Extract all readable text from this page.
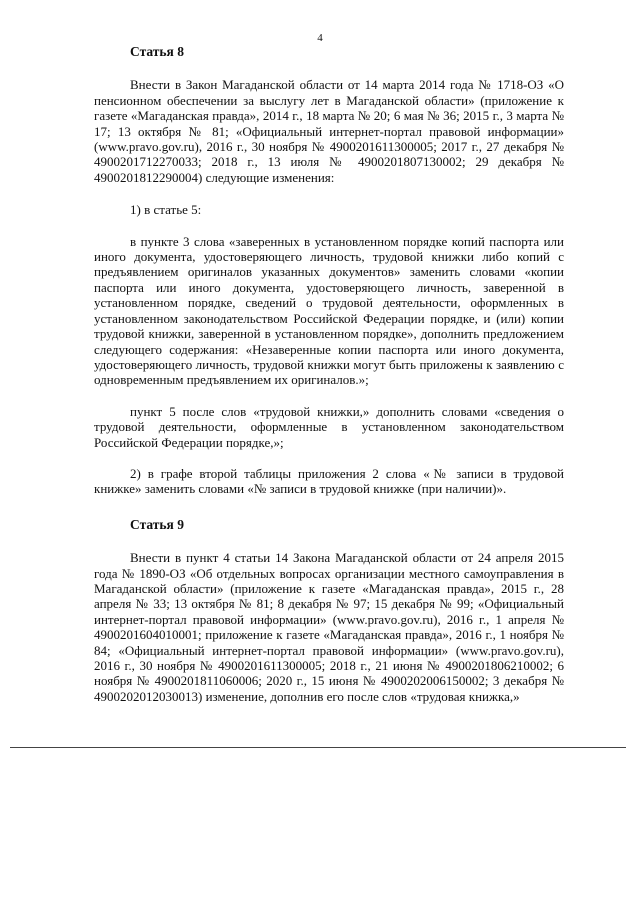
4
Статья 8

Внести в Закон Магаданской области от 14 марта 2014 года № 1718-ОЗ «О пенсионном обеспечении за выслугу лет в Магаданской области» (приложение к газете «Магаданская правда», 2014 г., 18 марта № 20; 6 мая № 36; 2015 г., 3 марта № 17; 13 октября № 81; «Официальный интернет-портал правовой информации» (www.pravo.gov.ru), 2016 г., 30 ноября № 4900201611300005; 2017 г., 27 декабря № 4900201712270033; 2018 г., 13 июля № 4900201807130002; 29 декабря № 4900201812290004) следующие изменения:

1) в статье 5:

в пункте 3 слова «заверенных в установленном порядке копий паспорта или иного документа, удостоверяющего личность, трудовой книжки либо копий с предъявлением оригиналов указанных документов» заменить словами «копии паспорта или иного документа, удостоверяющего личность, заверенной в установленном порядке, сведений о трудовой деятельности, оформленных в установленном законодательством Российской Федерации порядке, и (или) копии трудовой книжки, заверенной в установленном порядке», дополнить предложением следующего содержания: «Незаверенные копии паспорта или иного документа, удостоверяющего личность, трудовой книжки могут быть приложены к заявлению с одновременным предъявлением их оригиналов.»;

пункт 5 после слов «трудовой книжки,» дополнить словами «сведения о трудовой деятельности, оформленные в установленном законодательством Российской Федерации порядке,»;

2) в графе второй таблицы приложения 2 слова «№ записи в трудовой книжке» заменить словами «№ записи в трудовой книжке (при наличии)».

Статья 9

Внести в пункт 4 статьи 14 Закона Магаданской области от 24 апреля 2015 года № 1890-ОЗ «Об отдельных вопросах организации местного самоуправления в Магаданской области» (приложение к газете «Магаданская правда», 2015 г., 28 апреля № 33; 13 октября № 81; 8 декабря № 97; 15 декабря № 99; «Официальный интернет-портал правовой информации» (www.pravo.gov.ru), 2016 г., 1 апреля № 4900201604010001; приложение к газете «Магаданская правда», 2016 г., 1 ноября № 84; «Официальный интернет-портал правовой информации» (www.pravo.gov.ru), 2016 г., 30 ноября № 4900201611300005; 2018 г., 21 июня № 4900201806210002; 6 ноября № 4900201811060006; 2020 г., 15 июня № 4900202006150002; 3 декабря № 4900202012030013) изменение, дополнив его после слов «трудовая книжка,»
